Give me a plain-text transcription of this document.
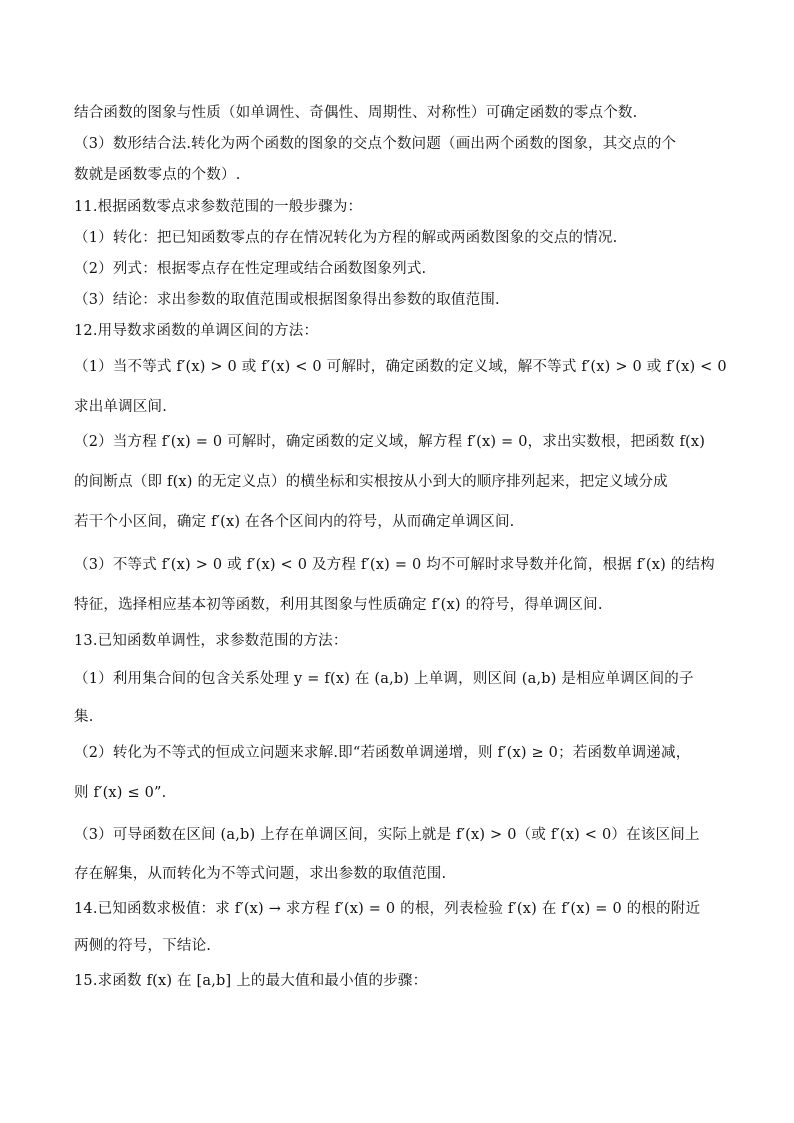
结合函数的图象与性质（如单调性、奇偶性、周期性、对称性）可确定函数的零点个数.
（3）数形结合法.转化为两个函数的图象的交点个数问题（画出两个函数的图象，其交点的个
数就是函数零点的个数）.
11.根据函数零点求参数范围的一般步骤为：
（1）转化：把已知函数零点的存在情况转化为方程的解或两函数图象的交点的情况.
（2）列式：根据零点存在性定理或结合函数图象列式.
（3）结论：求出参数的取值范围或根据图象得出参数的取值范围.
12.用导数求函数的单调区间的方法：
（1）当不等式 f′(x) > 0 或 f′(x) < 0 可解时，确定函数的定义域，解不等式 f′(x) > 0 或 f′(x) < 0
求出单调区间.
（2）当方程 f′(x) = 0 可解时，确定函数的定义域，解方程 f′(x) = 0，求出实数根，把函数 f(x)
的间断点（即 f(x) 的无定义点）的横坐标和实根按从小到大的顺序排列起来，把定义域分成
若干个小区间，确定 f′(x) 在各个区间内的符号，从而确定单调区间.
（3）不等式 f′(x) > 0 或 f′(x) < 0 及方程 f′(x) = 0 均不可解时求导数并化简，根据 f′(x) 的结构
特征，选择相应基本初等函数，利用其图象与性质确定 f′(x) 的符号，得单调区间.
13.已知函数单调性，求参数范围的方法：
（1）利用集合间的包含关系处理 y = f(x) 在 (a,b) 上单调，则区间 (a,b) 是相应单调区间的子
集.
（2）转化为不等式的恒成立问题来求解.即“若函数单调递增，则 f′(x) ≥ 0；若函数单调递减，
则 f′(x) ≤ 0”.
（3）可导函数在区间 (a,b) 上存在单调区间，实际上就是 f′(x) > 0（或 f′(x) < 0）在该区间上
存在解集，从而转化为不等式问题，求出参数的取值范围.
14.已知函数求极值：求 f′(x) → 求方程 f′(x) = 0 的根，列表检验 f′(x) 在 f′(x) = 0 的根的附近
两侧的符号，下结论.
15.求函数 f(x) 在 [a,b] 上的最大值和最小值的步骤：
